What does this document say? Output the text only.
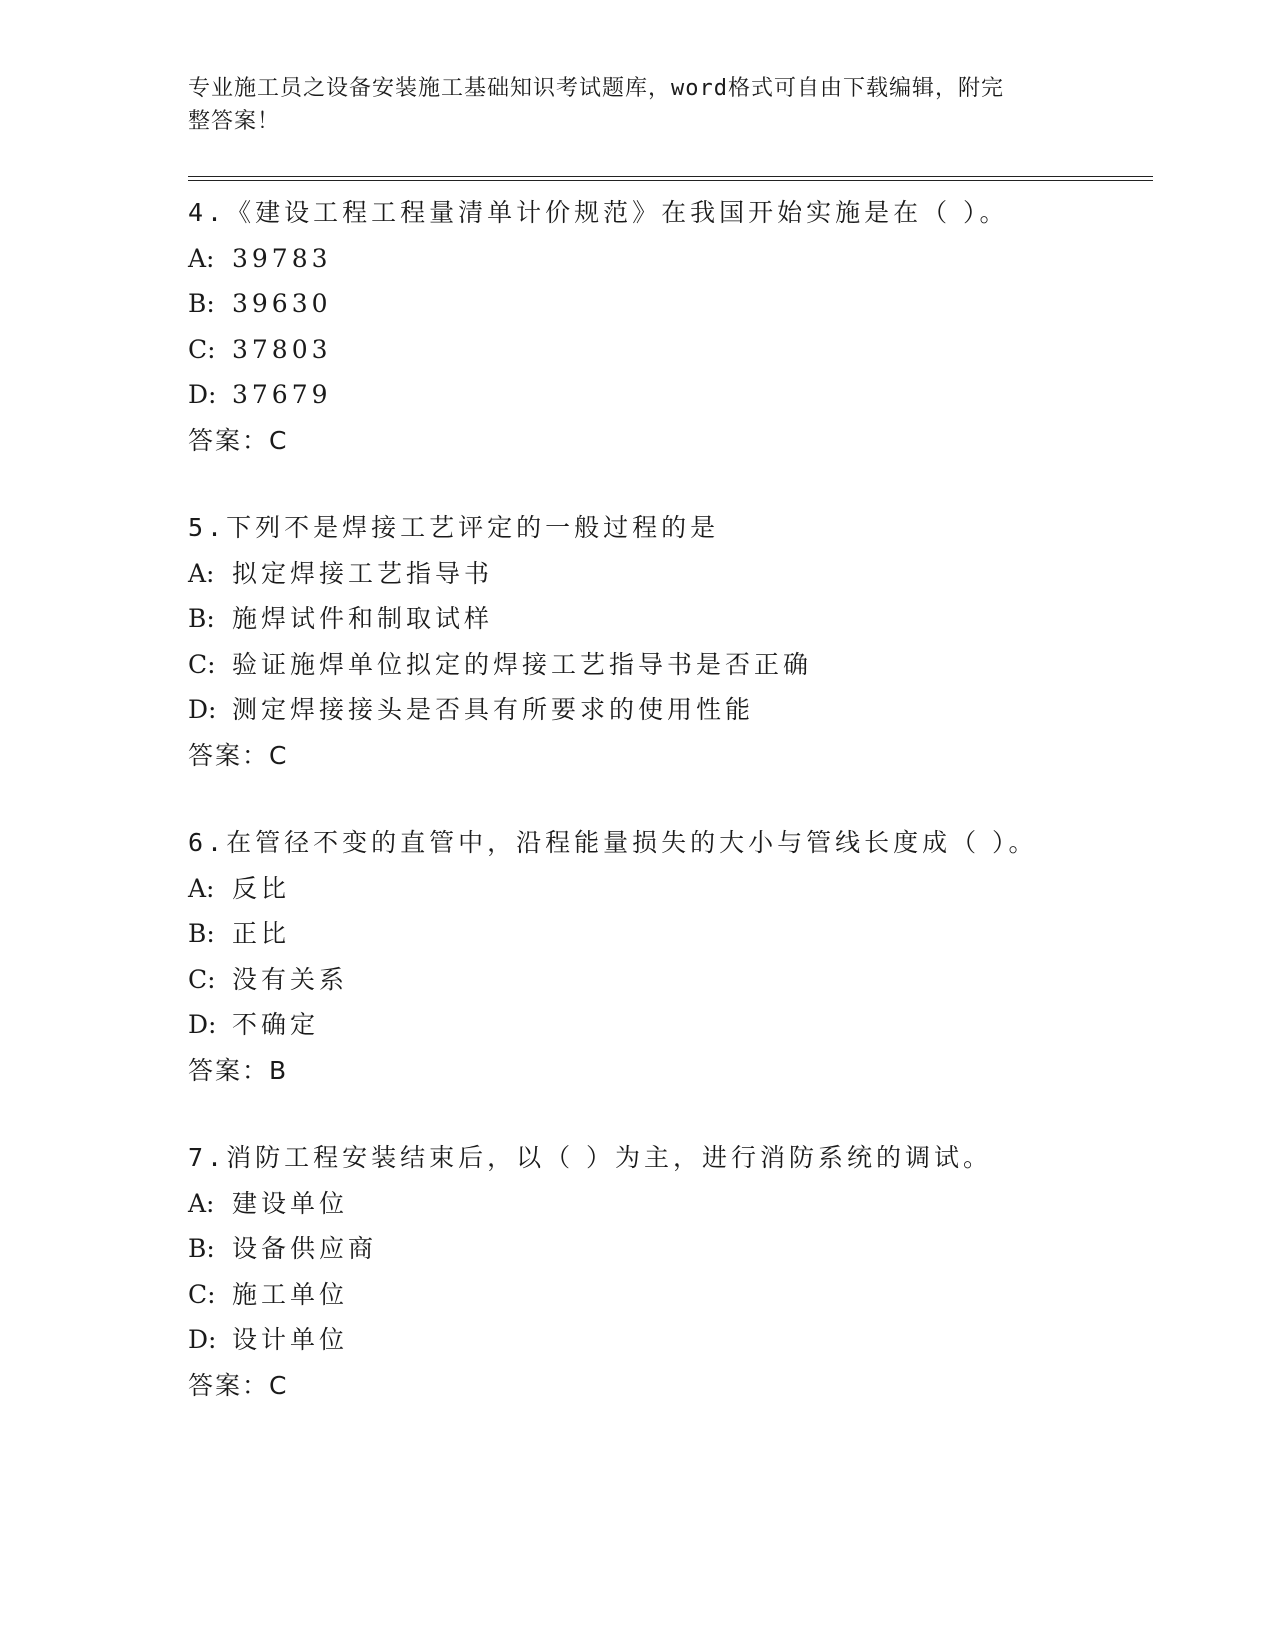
专业施工员之设备安装施工基础知识考试题库，word格式可自由下载编辑，附完
整答案！
4.《建设工程工程量清单计价规范》在我国开始实施是在（ ）。
A: 39783
B: 39630
C: 37803
D: 37679
答案：C
5.下列不是焊接工艺评定的一般过程的是
A: 拟定焊接工艺指导书
B: 施焊试件和制取试样
C: 验证施焊单位拟定的焊接工艺指导书是否正确
D: 测定焊接接头是否具有所要求的使用性能
答案：C
6.在管径不变的直管中，沿程能量损失的大小与管线长度成（ ）。
A: 反比
B: 正比
C: 没有关系
D: 不确定
答案：B
7.消防工程安装结束后，以（ ）为主，进行消防系统的调试。
A: 建设单位
B: 设备供应商
C: 施工单位
D: 设计单位
答案：C
